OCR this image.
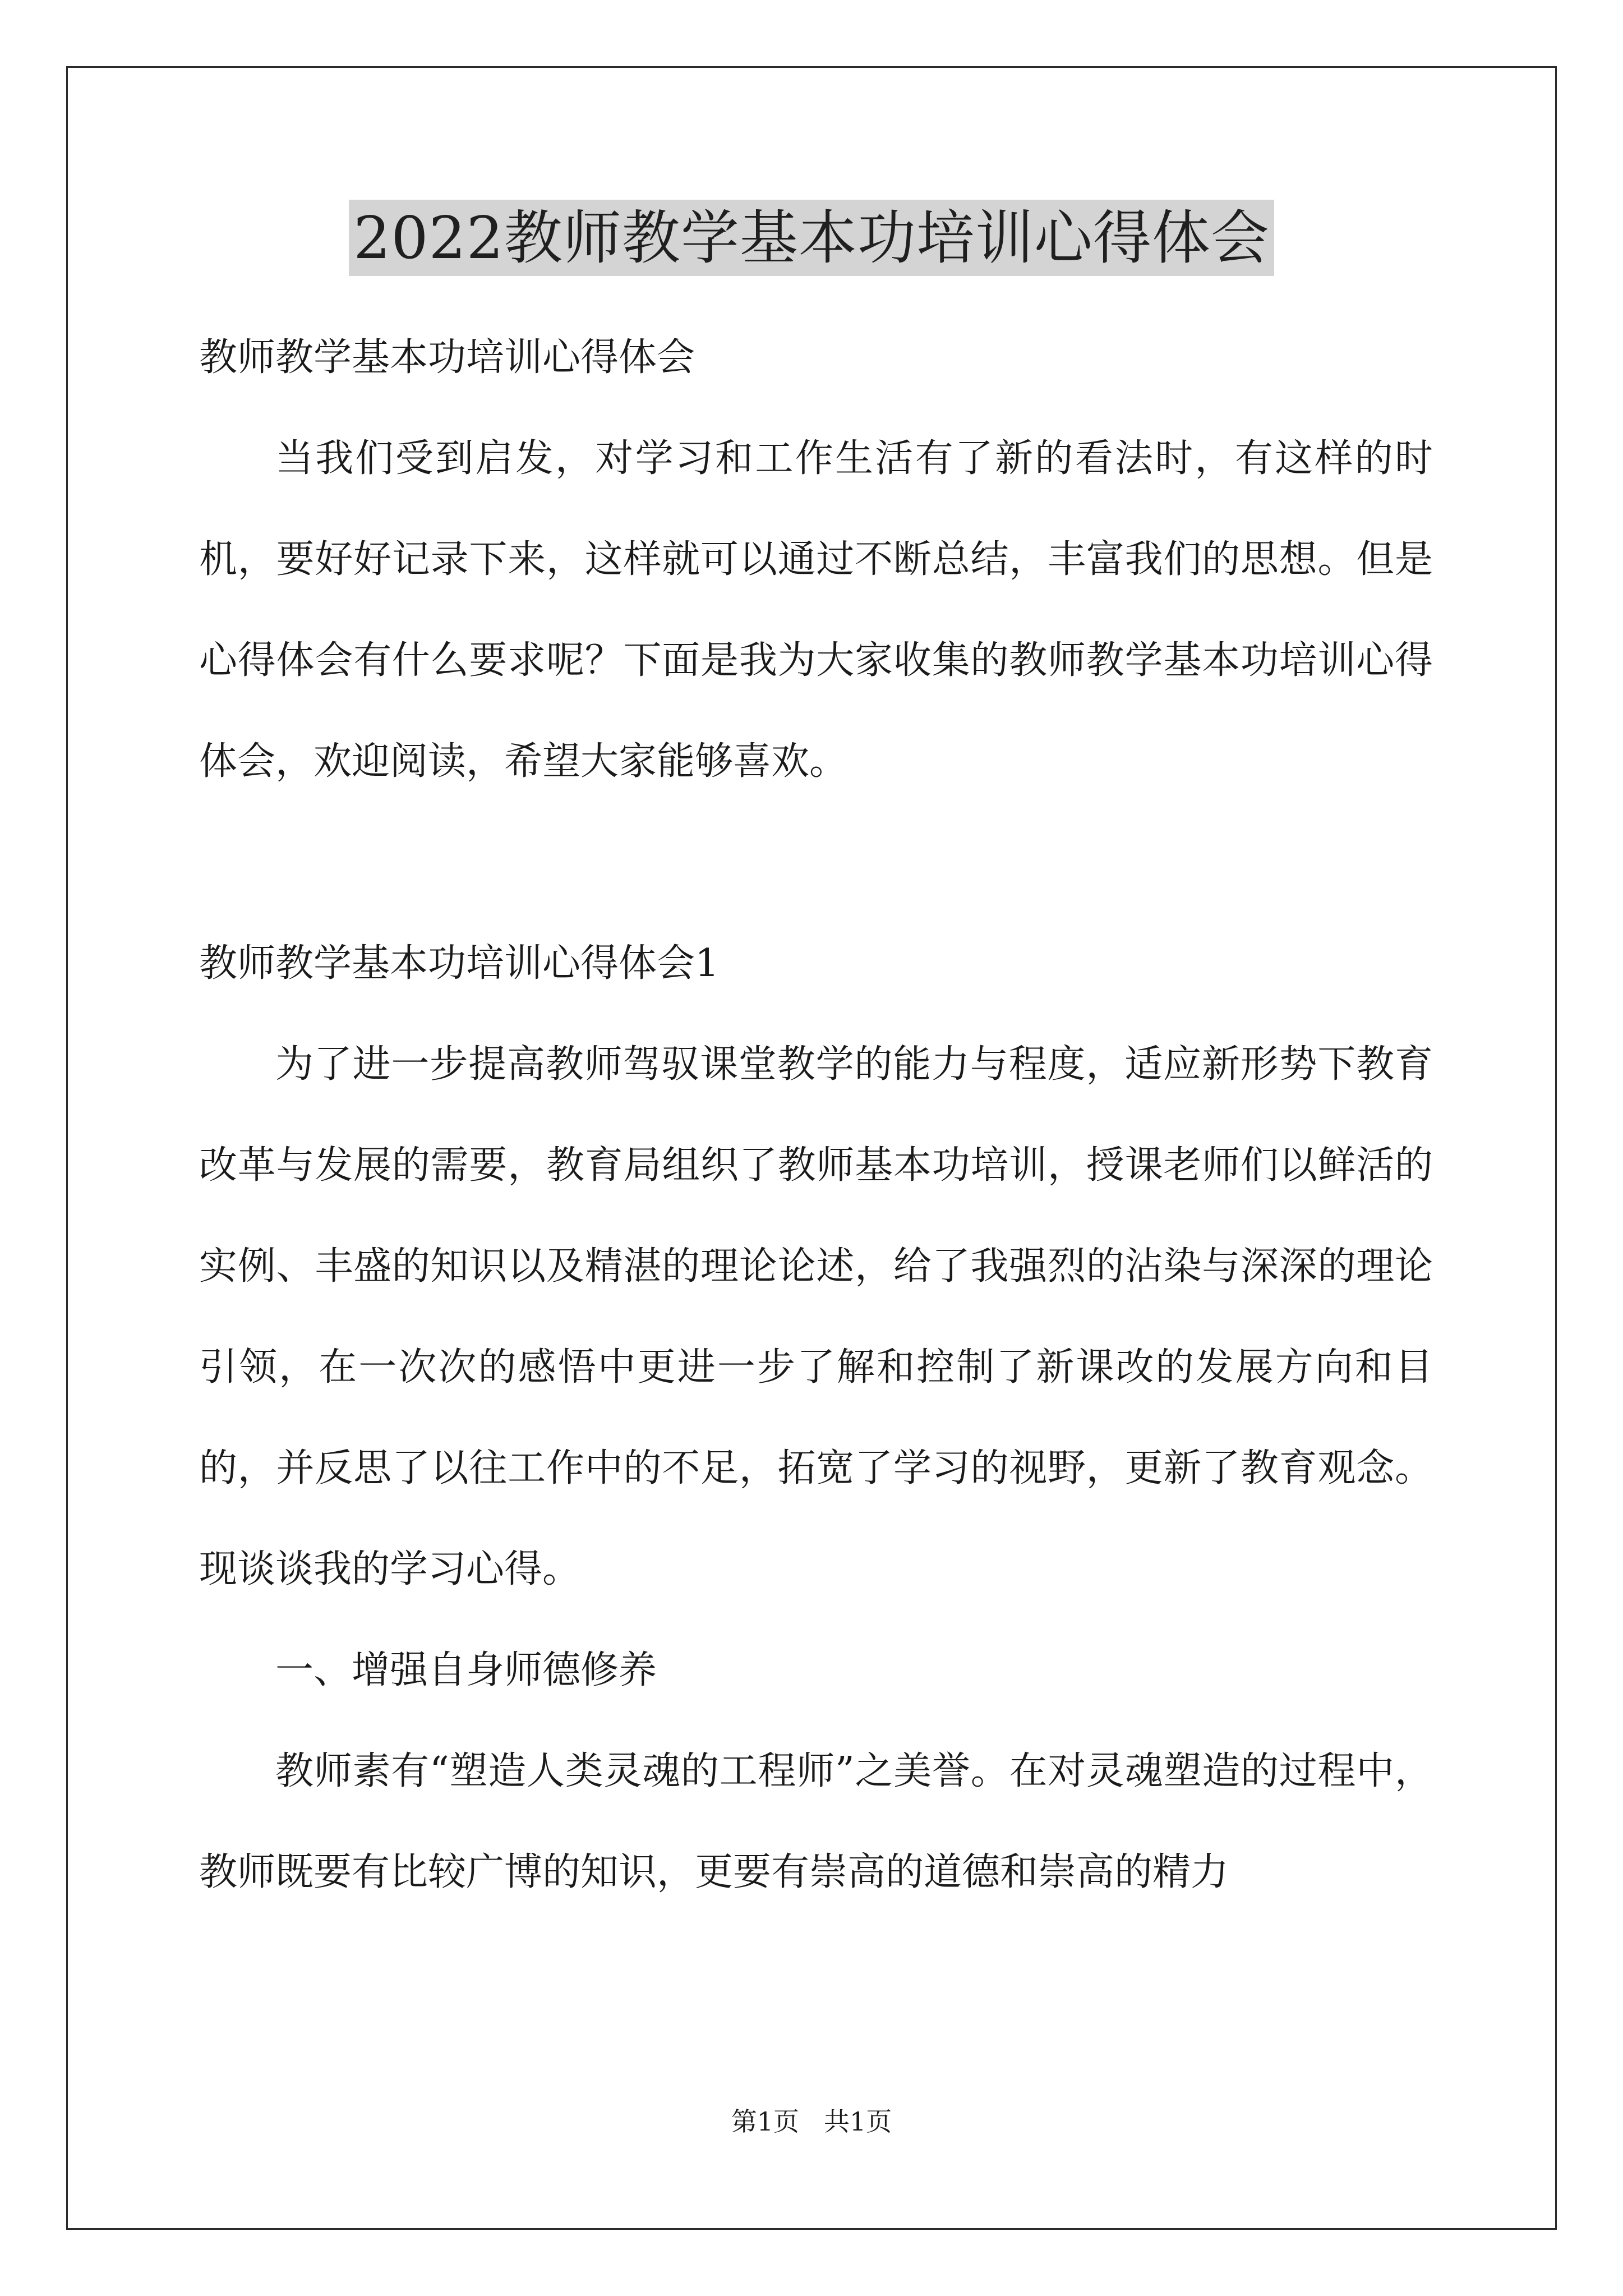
2022教师教学基本功培训心得体会

教师教学基本功培训心得体会

当我们受到启发，对学习和工作生活有了新的看法时，有这样的时机，要好好记录下来，这样就可以通过不断总结，丰富我们的思想。但是心得体会有什么要求呢？下面是我为大家收集的教师教学基本功培训心得体会，欢迎阅读，希望大家能够喜欢。

教师教学基本功培训心得体会1

为了进一步提高教师驾驭课堂教学的能力与程度，适应新形势下教育改革与发展的需要，教育局组织了教师基本功培训，授课老师们以鲜活的实例、丰盛的知识以及精湛的理论论述，给了我强烈的沾染与深深的理论引领，在一次次的感悟中更进一步了解和控制了新课改的发展方向和目的，并反思了以往工作中的不足，拓宽了学习的视野，更新了教育观念。现谈谈我的学习心得。

一、增强自身师德修养

教师素有“塑造人类灵魂的工程师”之美誉。在对灵魂塑造的过程中，教师既要有比较广博的知识，更要有崇高的道德和崇高的精力

第1页 共1页
